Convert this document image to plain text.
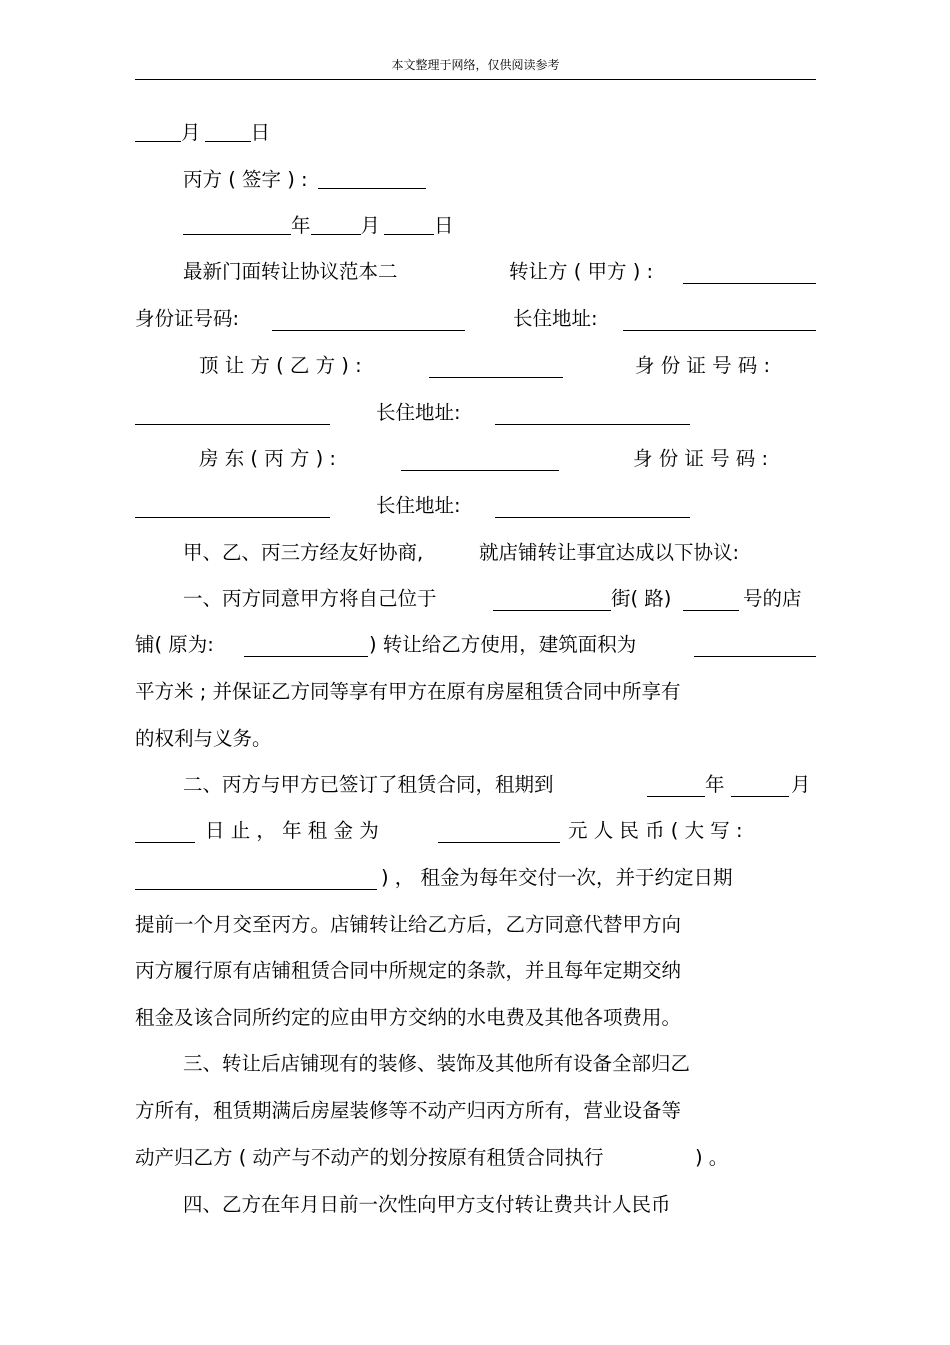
本文整理于网络，仅供阅读参考
月	日
丙方 ( 签字 ) :
年	月	日
最新门面转让协议范本二	转让方 ( 甲方 ) :
身份证号码:	长住地址:
顶 让 方 ( 乙 方 ) :	身 份 证 号 码 :
长住地址:
房 东 ( 丙 方 ) :	身 份 证 号 码 :
长住地址:
甲、乙、丙三方经友好协商,	就店铺转让事宜达成以下协议:
一、丙方同意甲方将自己位于	街( 路)	号的店
铺( 原为:	) 转让给乙方使用，建筑面积为
平方米 ; 并保证乙方同等享有甲方在原有房屋租赁合同中所享有
的权利与义务。
二、丙方与甲方已签订了租赁合同，租期到	年	月
日 止 ， 年 租 金 为	元 人 民 币 ( 大 写 :
) ， 租金为每年交付一次，并于约定日期
提前一个月交至丙方。店铺转让给乙方后，乙方同意代替甲方向
丙方履行原有店铺租赁合同中所规定的条款，并且每年定期交纳
租金及该合同所约定的应由甲方交纳的水电费及其他各项费用。
三、转让后店铺现有的装修、装饰及其他所有设备全部归乙
方所有，租赁期满后房屋装修等不动产归丙方所有，营业设备等
动产归乙方 ( 动产与不动产的划分按原有租赁合同执行	) 。
四、乙方在年月日前一次性向甲方支付转让费共计人民币
